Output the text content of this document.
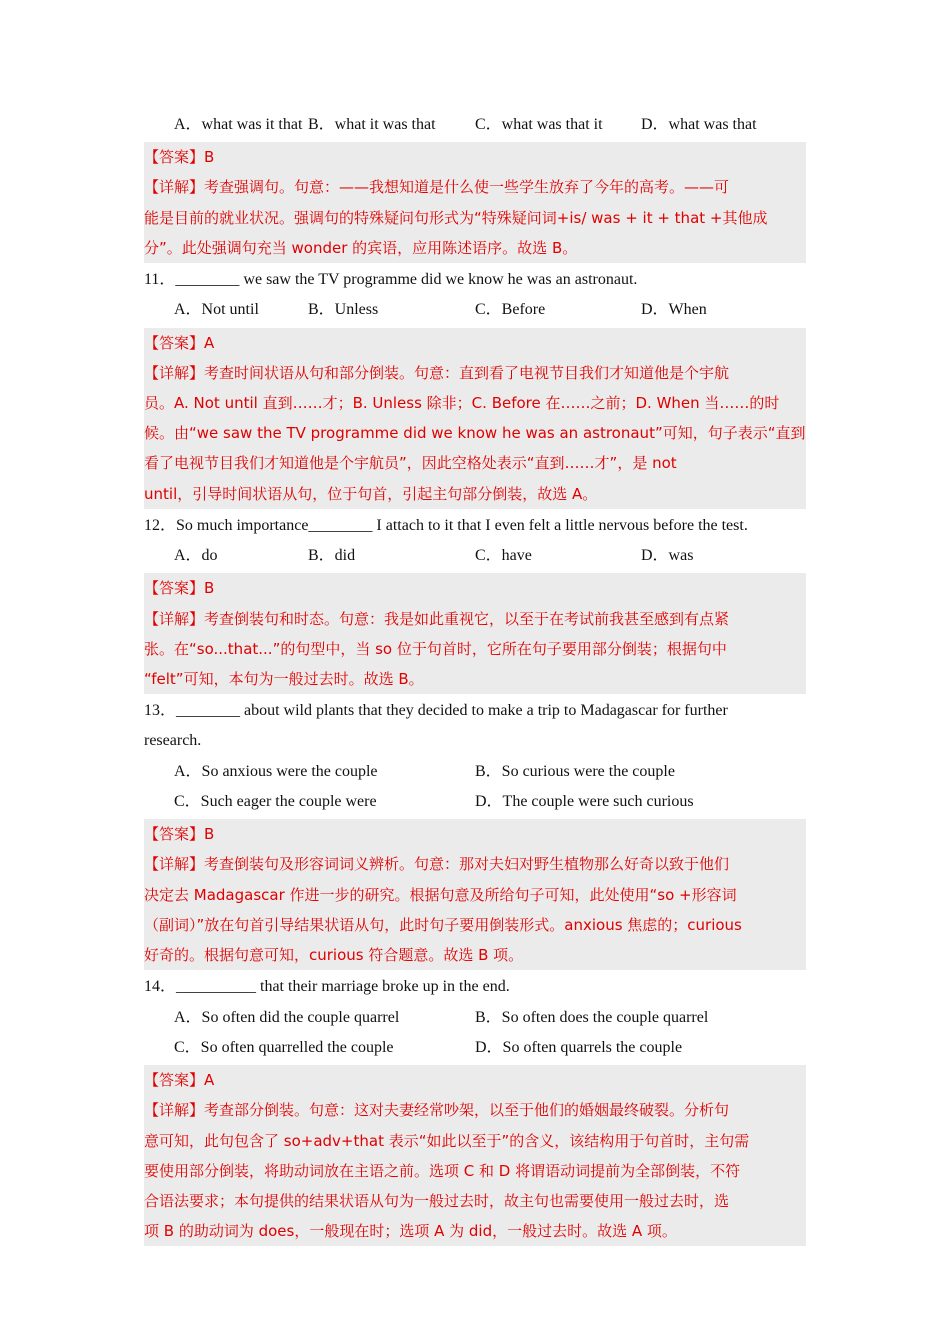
A．what was it that B．what it was that C．what was that it D．what was that
【答案】B
【详解】考查强调句。句意：——我想知道是什么使一些学生放弃了今年的高考。——可
能是目前的就业状况。强调句的特殊疑问句形式为“特殊疑问词+is/ was + it + that +其他成
分”。此处强调句充当 wonder 的宾语，应用陈述语序。故选 B。
11．________ we saw the TV programme did we know he was an astronaut.
A．Not until	B．Unless	C．Before	D．When
【答案】A
【详解】考查时间状语从句和部分倒装。句意：直到看了电视节目我们才知道他是个宇航
员。A. Not until 直到……才；B. Unless 除非；C. Before 在……之前；D. When 当……的时
候。由“we saw the TV programme did we know he was an astronaut”可知，句子表示“直到
看了电视节目我们才知道他是个宇航员”，因此空格处表示“直到……才”，是 not
until，引导时间状语从句，位于句首，引起主句部分倒装，故选 A。
12．So much importance________ I attach to it that I even felt a little nervous before the test.
A．do	B．did	C．have	D．was
【答案】B
【详解】考查倒装句和时态。句意：我是如此重视它，以至于在考试前我甚至感到有点紧
张。在“so...that...”的句型中，当 so 位于句首时，它所在句子要用部分倒装；根据句中
“felt”可知，本句为一般过去时。故选 B。
13．________ about wild plants that they decided to make a trip to Madagascar for further
research.
A．So anxious were the couple	B．So curious were the couple
C．Such eager the couple were	D．The couple were such curious
【答案】B
【详解】考查倒装句及形容词词义辨析。句意：那对夫妇对野生植物那么好奇以致于他们
决定去 Madagascar 作进一步的研究。根据句意及所给句子可知，此处使用“so +形容词
（副词）”放在句首引导结果状语从句，此时句子要用倒装形式。anxious 焦虑的；curious
好奇的。根据句意可知，curious 符合题意。故选 B 项。
14．__________ that their marriage broke up in the end.
A．So often did the couple quarrel	B．So often does the couple quarrel
C．So often quarrelled the couple	D．So often quarrels the couple
【答案】A
【详解】考查部分倒装。句意：这对夫妻经常吵架，以至于他们的婚姻最终破裂。分析句
意可知，此句包含了 so+adv+that 表示“如此以至于”的含义，该结构用于句首时，主句需
要使用部分倒装，将助动词放在主语之前。选项 C 和 D 将谓语动词提前为全部倒装，不符
合语法要求；本句提供的结果状语从句为一般过去时，故主句也需要使用一般过去时，选
项 B 的助动词为 does，一般现在时；选项 A 为 did，一般过去时。故选 A 项。
